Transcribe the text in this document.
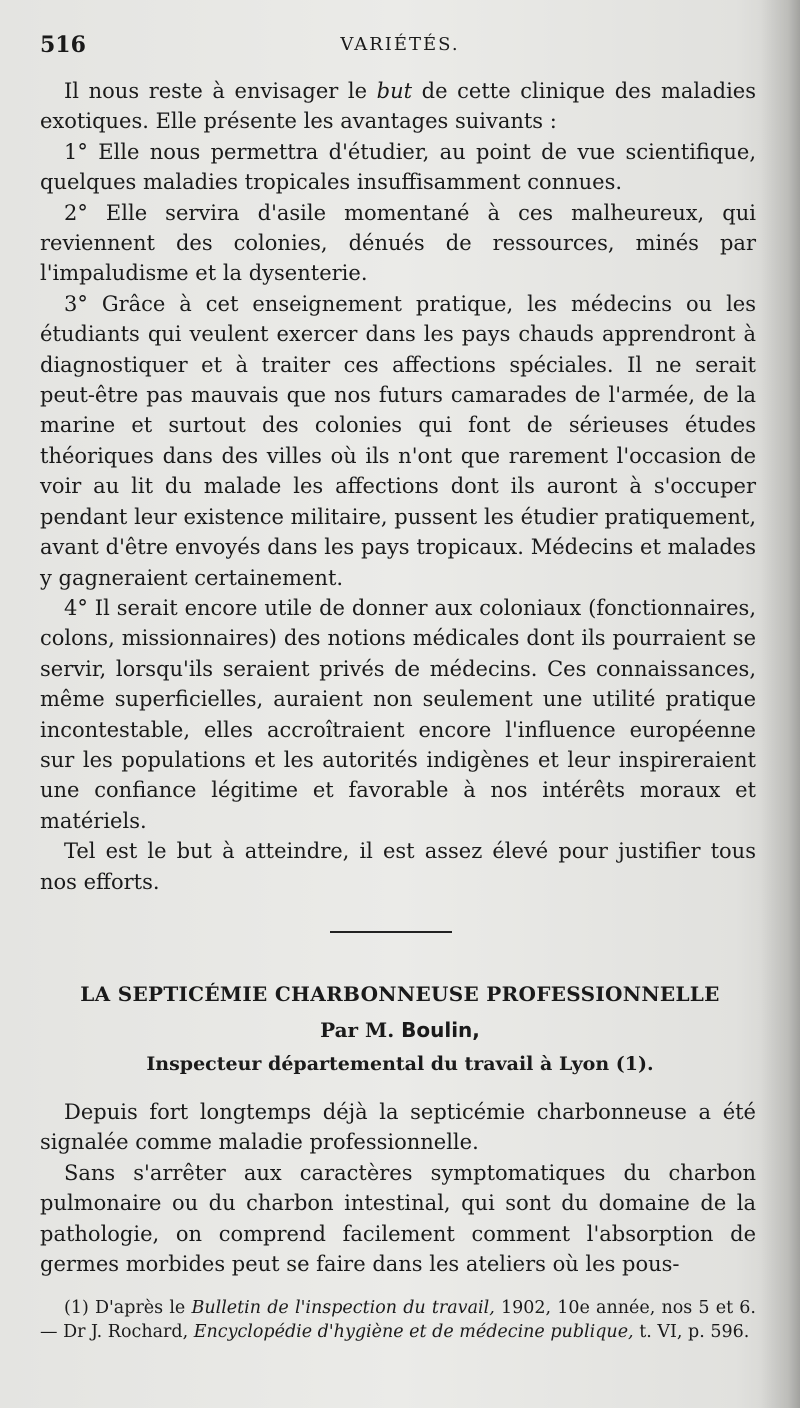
516	VARIÉTÉS.

Il nous reste à envisager le but de cette clinique des maladies exotiques. Elle présente les avantages suivants :

1° Elle nous permettra d'étudier, au point de vue scientifique, quelques maladies tropicales insuffisamment connues.

2° Elle servira d'asile momentané à ces malheureux, qui reviennent des colonies, dénués de ressources, minés par l'impaludisme et la dysenterie.

3° Grâce à cet enseignement pratique, les médecins ou les étudiants qui veulent exercer dans les pays chauds apprendront à diagnostiquer et à traiter ces affections spéciales. Il ne serait peut-être pas mauvais que nos futurs camarades de l'armée, de la marine et surtout des colonies qui font de sérieuses études théoriques dans des villes où ils n'ont que rarement l'occasion de voir au lit du malade les affections dont ils auront à s'occuper pendant leur existence militaire, pussent les étudier pratiquement, avant d'être envoyés dans les pays tropicaux. Médecins et malades y gagneraient certainement.

4° Il serait encore utile de donner aux coloniaux (fonctionnaires, colons, missionnaires) des notions médicales dont ils pourraient se servir, lorsqu'ils seraient privés de médecins. Ces connaissances, même superficielles, auraient non seulement une utilité pratique incontestable, elles accroîtraient encore l'influence européenne sur les populations et les autorités indigènes et leur inspireraient une confiance légitime et favorable à nos intérêts moraux et matériels.

Tel est le but à atteindre, il est assez élevé pour justifier tous nos efforts.

LA SEPTICÉMIE CHARBONNEUSE PROFESSIONNELLE
Par M. Boulin,
Inspecteur départemental du travail à Lyon (1).

Depuis fort longtemps déjà la septicémie charbonneuse a été signalée comme maladie professionnelle.

Sans s'arrêter aux caractères symptomatiques du charbon pulmonaire ou du charbon intestinal, qui sont du domaine de la pathologie, on comprend facilement comment l'absorption de germes morbides peut se faire dans les ateliers où les pous-

(1) D'après le Bulletin de l'inspection du travail, 1902, 10e année, nos 5 et 6. — Dr J. Rochard, Encyclopédie d'hygiène et de médecine publique, t. VI, p. 596.
